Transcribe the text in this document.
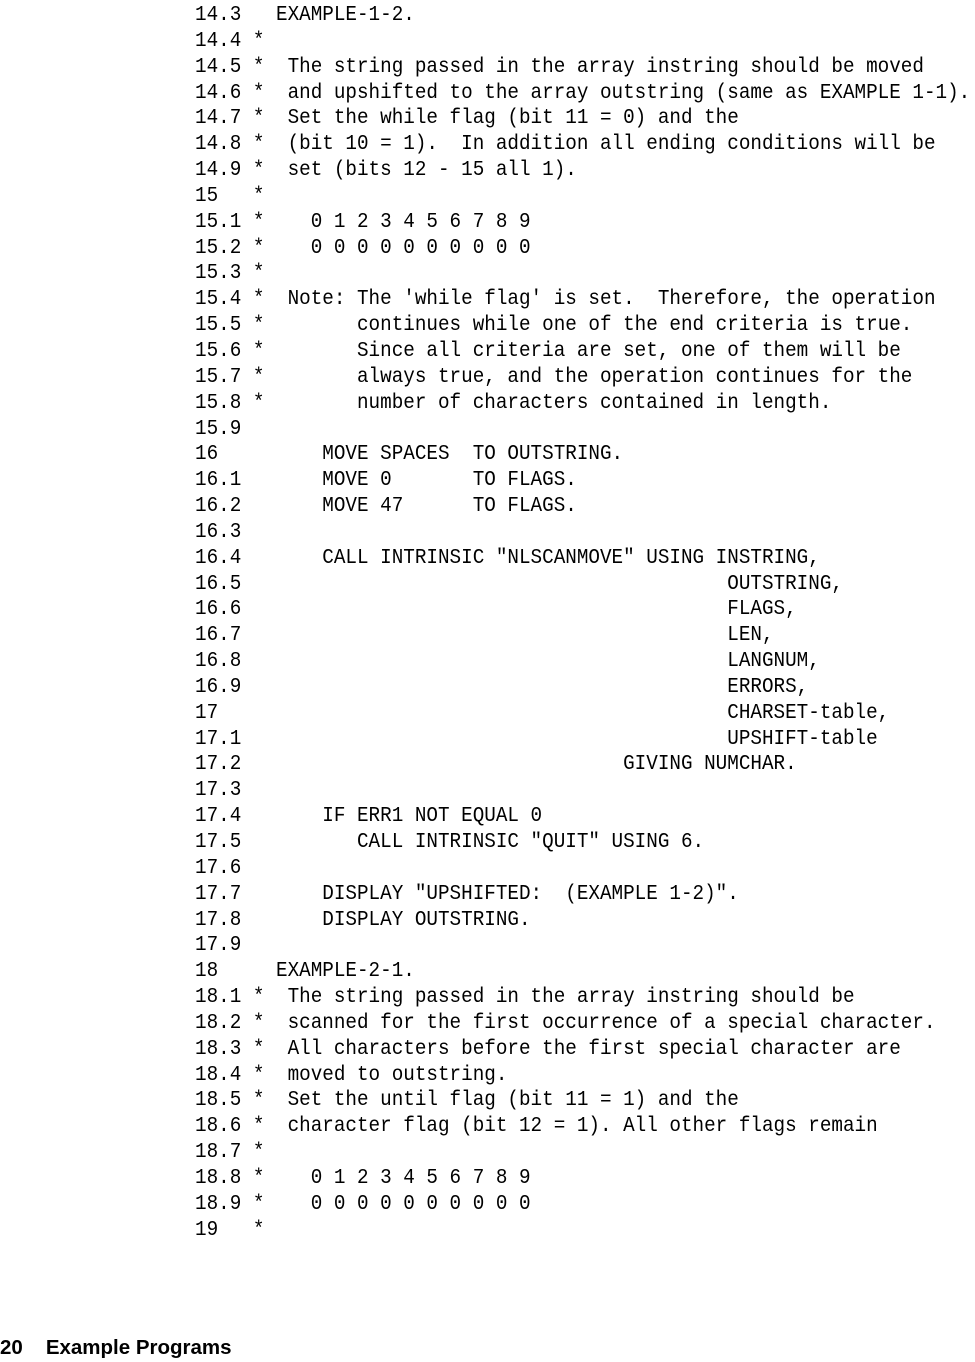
14.3   EXAMPLE-1-2.
14.4 *
14.5 *  The string passed in the array instring should be moved
14.6 *  and upshifted to the array outstring (same as EXAMPLE 1-1).
14.7 *  Set the while flag (bit 11 = 0) and the
14.8 *  (bit 10 = 1).  In addition all ending conditions will be
14.9 *  set (bits 12 - 15 all 1).
15   *
15.1 *    0 1 2 3 4 5 6 7 8 9
15.2 *    0 0 0 0 0 0 0 0 0 0
15.3 *
15.4 *  Note: The 'while flag' is set.  Therefore, the operation
15.5 *        continues while one of the end criteria is true.
15.6 *        Since all criteria are set, one of them will be
15.7 *        always true, and the operation continues for the
15.8 *        number of characters contained in length.
15.9
16         MOVE SPACES  TO OUTSTRING.
16.1       MOVE 0       TO FLAGS.
16.2       MOVE 47      TO FLAGS.
16.3
16.4       CALL INTRINSIC "NLSCANMOVE" USING INSTRING,
16.5                                          OUTSTRING,
16.6                                          FLAGS,
16.7                                          LEN,
16.8                                          LANGNUM,
16.9                                          ERRORS,
17                                            CHARSET-table,
17.1                                          UPSHIFT-table
17.2                                 GIVING NUMCHAR.
17.3
17.4       IF ERR1 NOT EQUAL 0
17.5          CALL INTRINSIC "QUIT" USING 6.
17.6
17.7       DISPLAY "UPSHIFTED:  (EXAMPLE 1-2)".
17.8       DISPLAY OUTSTRING.
17.9
18     EXAMPLE-2-1.
18.1 *  The string passed in the array instring should be
18.2 *  scanned for the first occurrence of a special character.
18.3 *  All characters before the first special character are
18.4 *  moved to outstring.
18.5 *  Set the until flag (bit 11 = 1) and the
18.6 *  character flag (bit 12 = 1). All other flags remain
18.7 *
18.8 *    0 1 2 3 4 5 6 7 8 9
18.9 *    0 0 0 0 0 0 0 0 0 0
19   *
20 Example Programs
